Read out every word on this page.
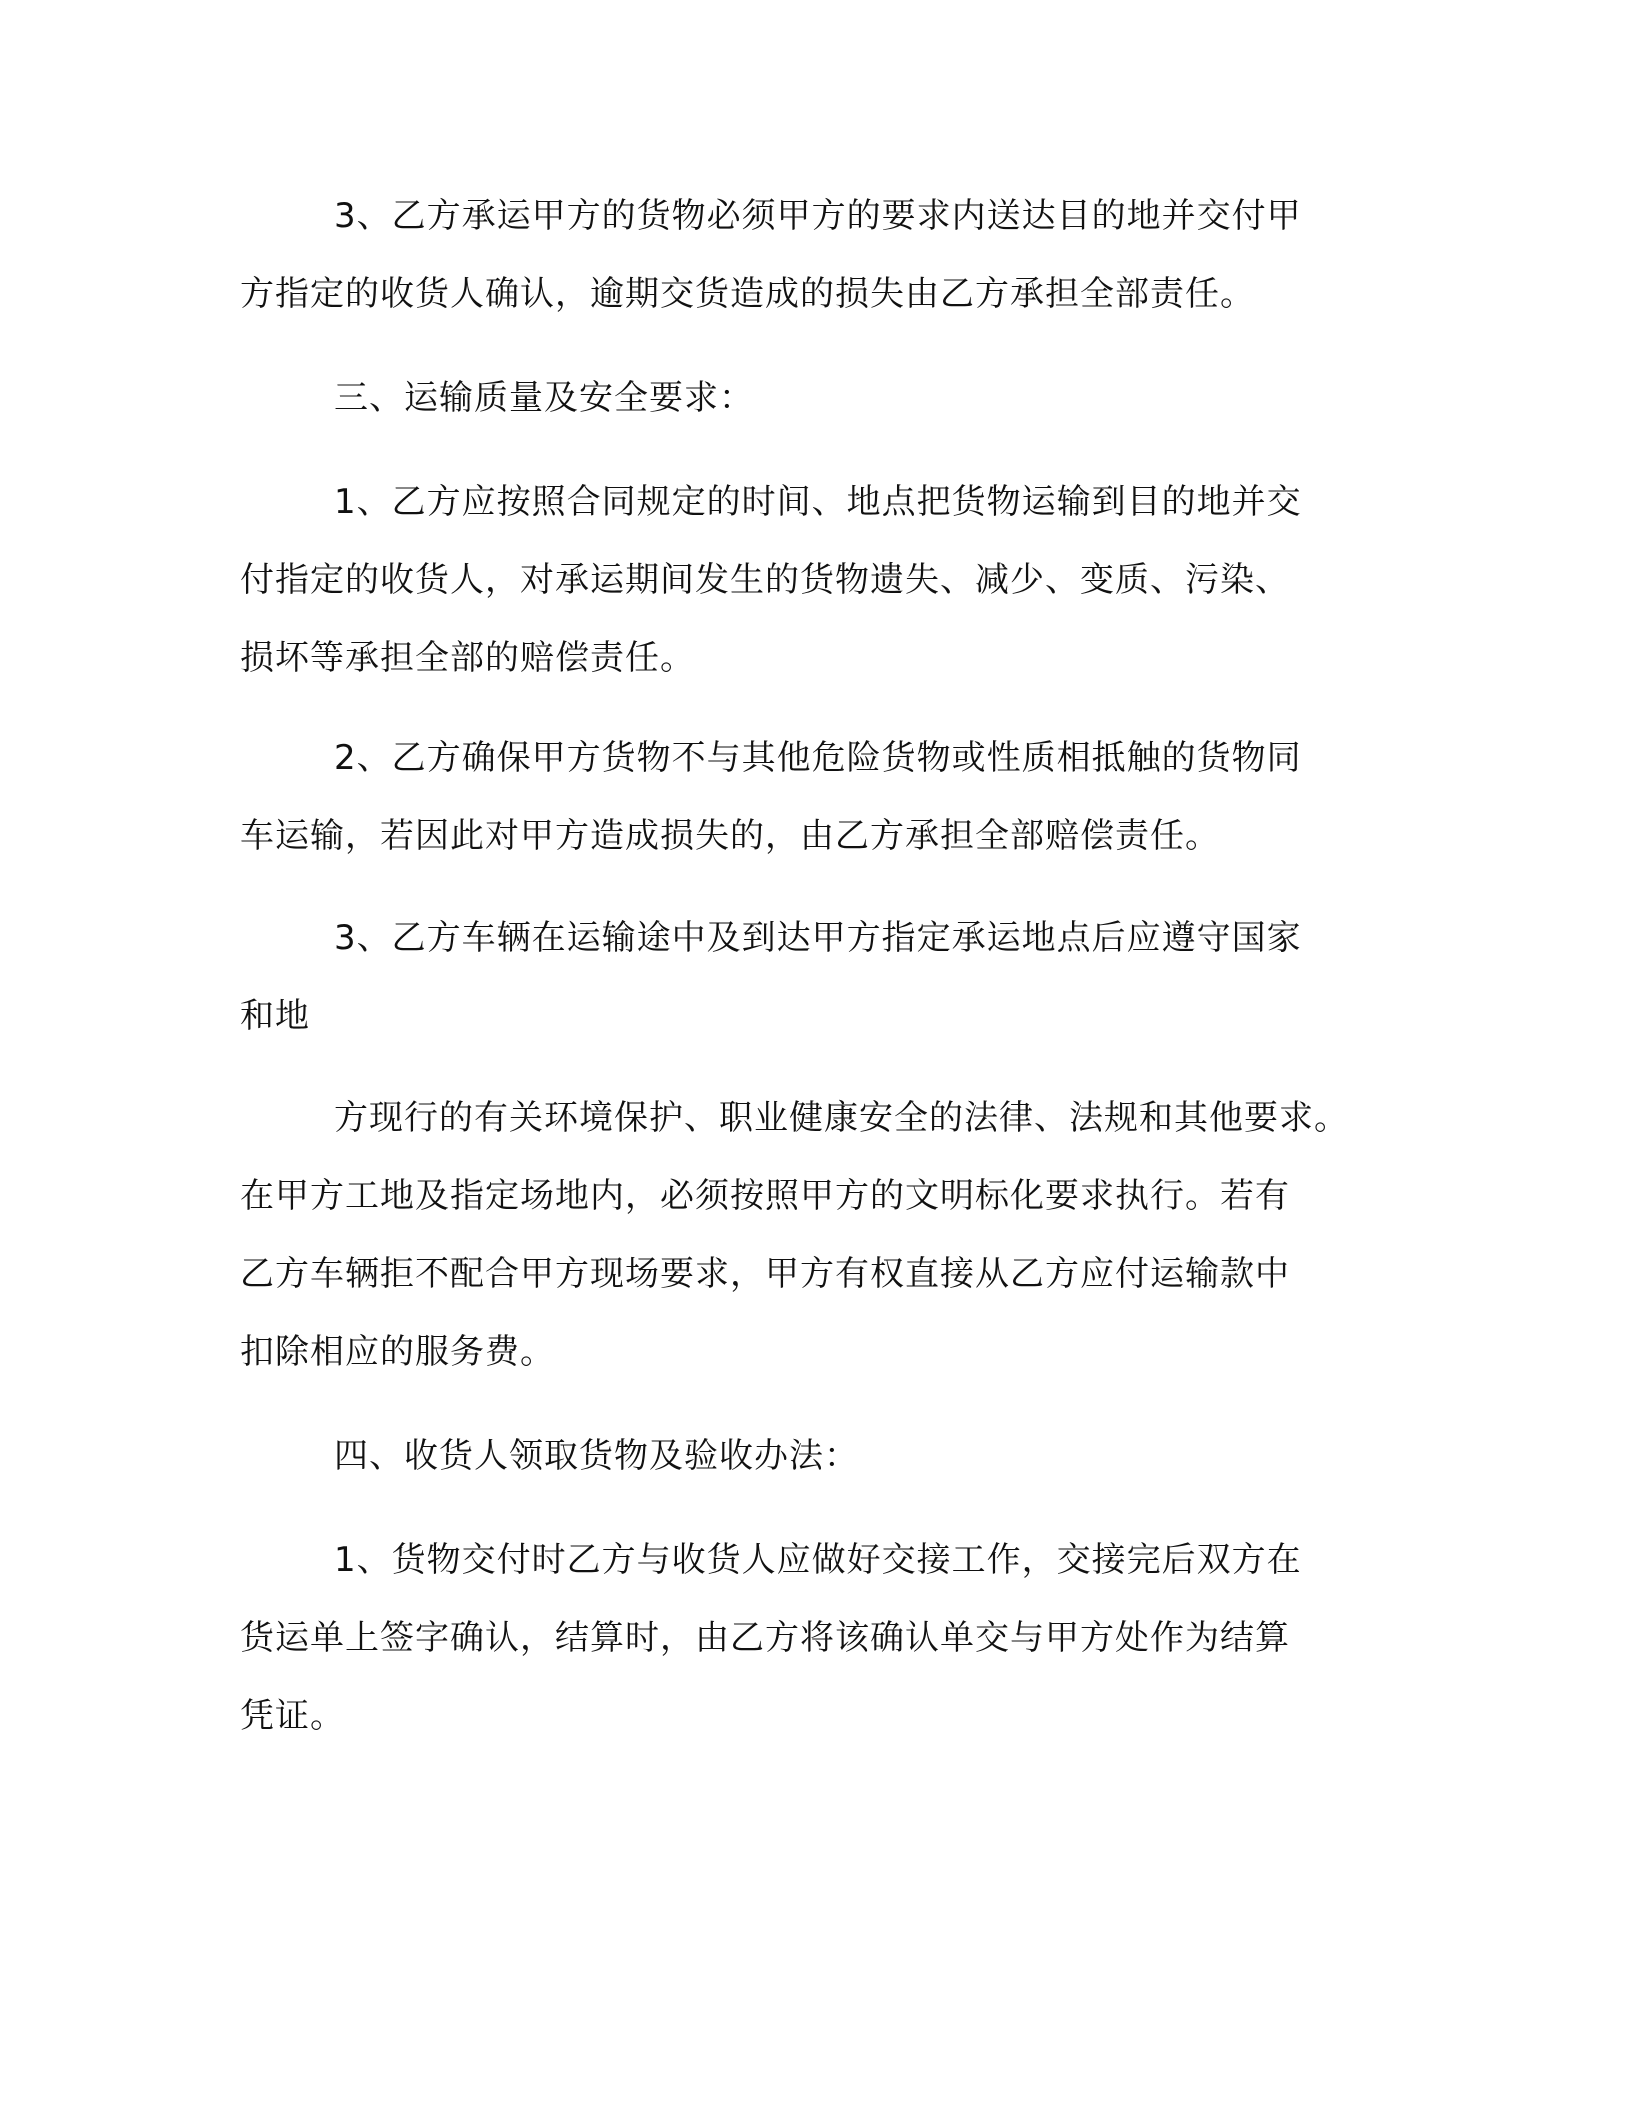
3、乙方承运甲方的货物必须甲方的要求内送达目的地并交付甲

方指定的收货人确认，逾期交货造成的损失由乙方承担全部责任。

三、运输质量及安全要求：

1、乙方应按照合同规定的时间、地点把货物运输到目的地并交

付指定的收货人，对承运期间发生的货物遗失、减少、变质、污染、

损坏等承担全部的赔偿责任。

2、乙方确保甲方货物不与其他危险货物或性质相抵触的货物同

车运输，若因此对甲方造成损失的，由乙方承担全部赔偿责任。

3、乙方车辆在运输途中及到达甲方指定承运地点后应遵守国家

和地

方现行的有关环境保护、职业健康安全的法律、法规和其他要求。

在甲方工地及指定场地内，必须按照甲方的文明标化要求执行。若有

乙方车辆拒不配合甲方现场要求，甲方有权直接从乙方应付运输款中

扣除相应的服务费。

四、收货人领取货物及验收办法：

1、货物交付时乙方与收货人应做好交接工作，交接完后双方在

货运单上签字确认，结算时，由乙方将该确认单交与甲方处作为结算

凭证。
